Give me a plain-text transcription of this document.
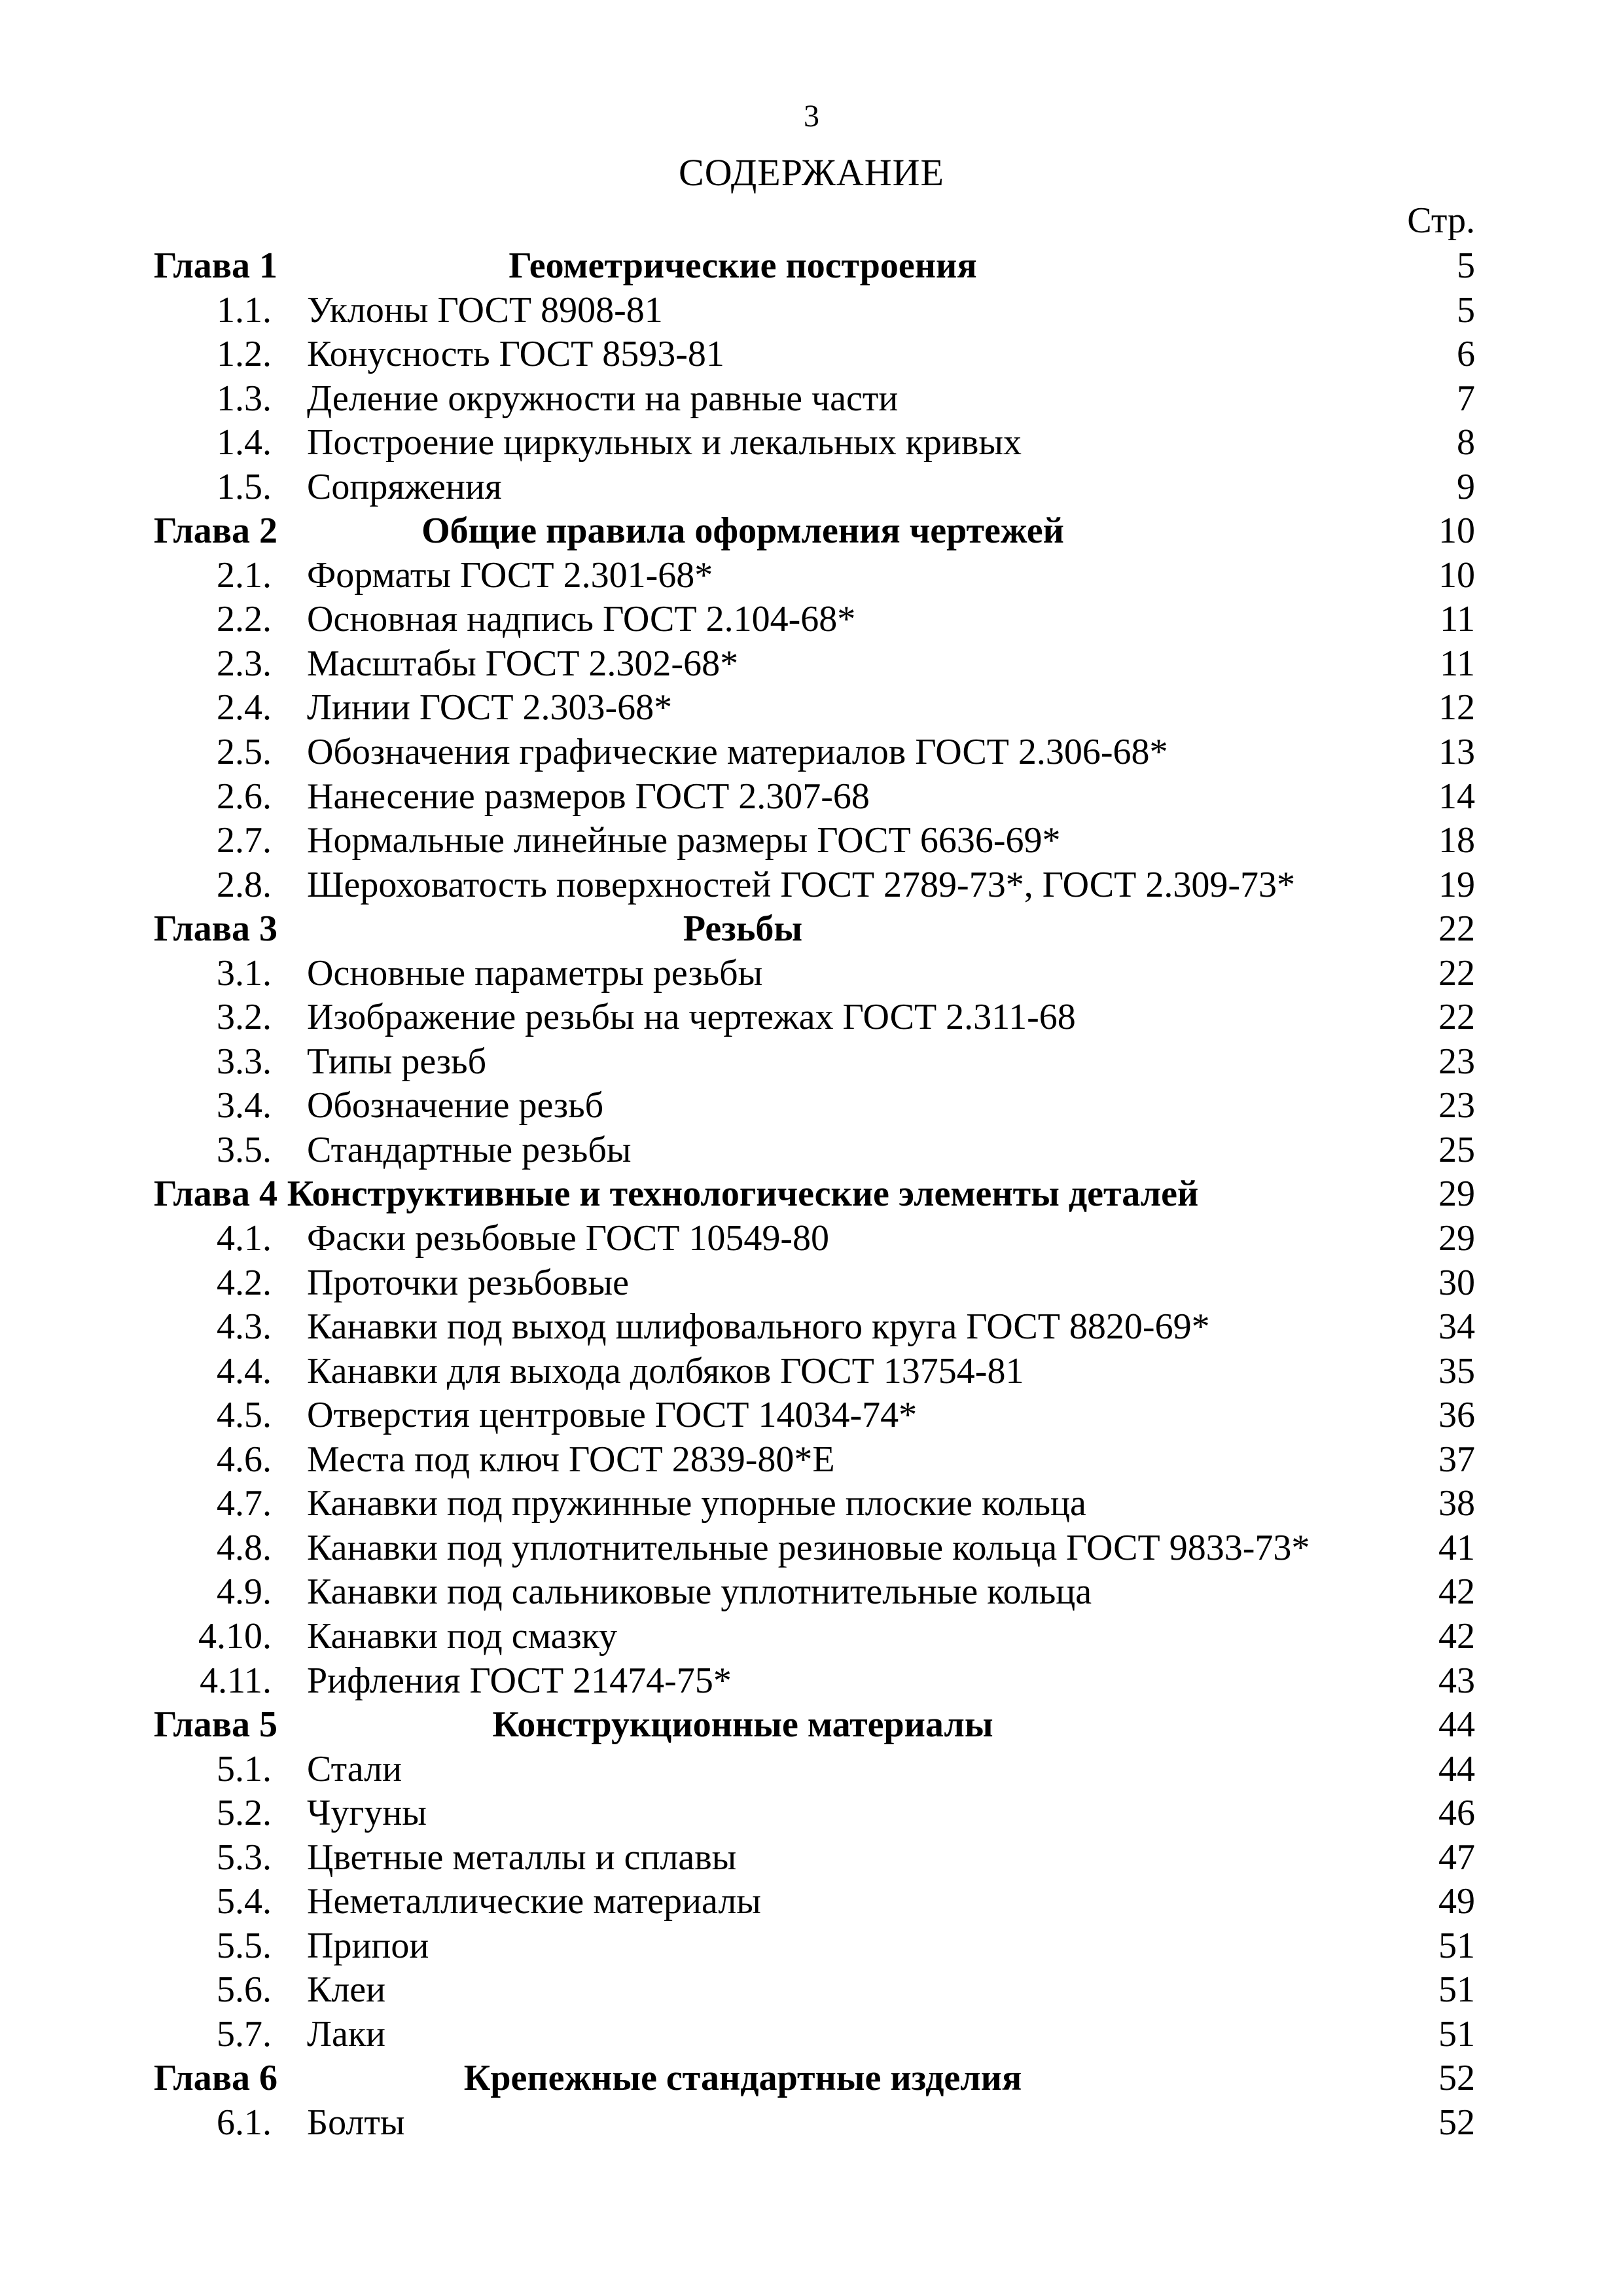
3
СОДЕРЖАНИЕ
Стр.
Глава 1	Геометрические построения	5
1.1. Уклоны ГОСТ 8908-81	5
1.2. Конусность ГОСТ 8593-81	6
1.3. Деление окружности на равные части	7
1.4. Построение циркульных и лекальных кривых	8
1.5. Сопряжения	9
Глава 2	Общие правила оформления чертежей	10
2.1. Форматы ГОСТ 2.301-68*	10
2.2. Основная надпись ГОСТ 2.104-68*	11
2.3. Масштабы ГОСТ 2.302-68*	11
2.4. Линии ГОСТ 2.303-68*	12
2.5. Обозначения графические материалов ГОСТ 2.306-68*	13
2.6. Нанесение размеров ГОСТ 2.307-68	14
2.7. Нормальные линейные размеры ГОСТ 6636-69*	18
2.8. Шероховатость поверхностей ГОСТ 2789-73*, ГОСТ 2.309-73*	19
Глава 3	Резьбы	22
3.1. Основные параметры резьбы	22
3.2. Изображение резьбы на чертежах ГОСТ 2.311-68	22
3.3. Типы резьб	23
3.4. Обозначение резьб	23
3.5. Стандартные резьбы	25
Глава 4 Конструктивные и технологические элементы деталей	29
4.1. Фаски резьбовые ГОСТ 10549-80	29
4.2. Проточки резьбовые	30
4.3. Канавки под выход шлифовального круга ГОСТ 8820-69*	34
4.4. Канавки для выхода долбяков ГОСТ 13754-81	35
4.5. Отверстия центровые ГОСТ 14034-74*	36
4.6. Места под ключ ГОСТ 2839-80*Е	37
4.7. Канавки под пружинные упорные плоские кольца	38
4.8. Канавки под уплотнительные резиновые кольца ГОСТ 9833-73*	41
4.9. Канавки под сальниковые уплотнительные кольца	42
4.10. Канавки под смазку	42
4.11. Рифления ГОСТ 21474-75*	43
Глава 5	Конструкционные материалы	44
5.1. Стали	44
5.2. Чугуны	46
5.3. Цветные металлы и сплавы	47
5.4. Неметаллические материалы	49
5.5. Припои	51
5.6. Клеи	51
5.7. Лаки	51
Глава 6	Крепежные стандартные изделия	52
6.1. Болты	52
